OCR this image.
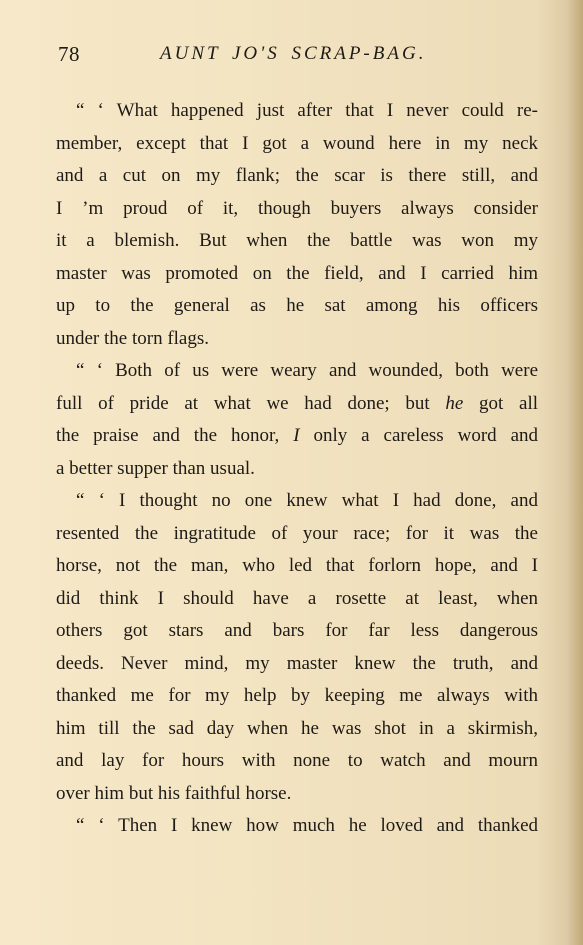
78	AUNT JO'S SCRAP-BAG.
“ ‘ What happened just after that I never could re-
member, except that I got a wound here in my neck
and a cut on my flank; the scar is there still, and
I ’m proud of it, though buyers always consider
it a blemish. But when the battle was won my
master was promoted on the field, and I carried him
up to the general as he sat among his officers
under the torn flags.
“ ‘ Both of us were weary and wounded, both were
full of pride at what we had done; but he got all
the praise and the honor, I only a careless word and
a better supper than usual.
“ ‘ I thought no one knew what I had done, and
resented the ingratitude of your race; for it was the
horse, not the man, who led that forlorn hope, and I
did think I should have a rosette at least, when
others got stars and bars for far less dangerous
deeds. Never mind, my master knew the truth, and
thanked me for my help by keeping me always with
him till the sad day when he was shot in a skirmish,
and lay for hours with none to watch and mourn
over him but his faithful horse.
“ ‘ Then I knew how much he loved and thanked
